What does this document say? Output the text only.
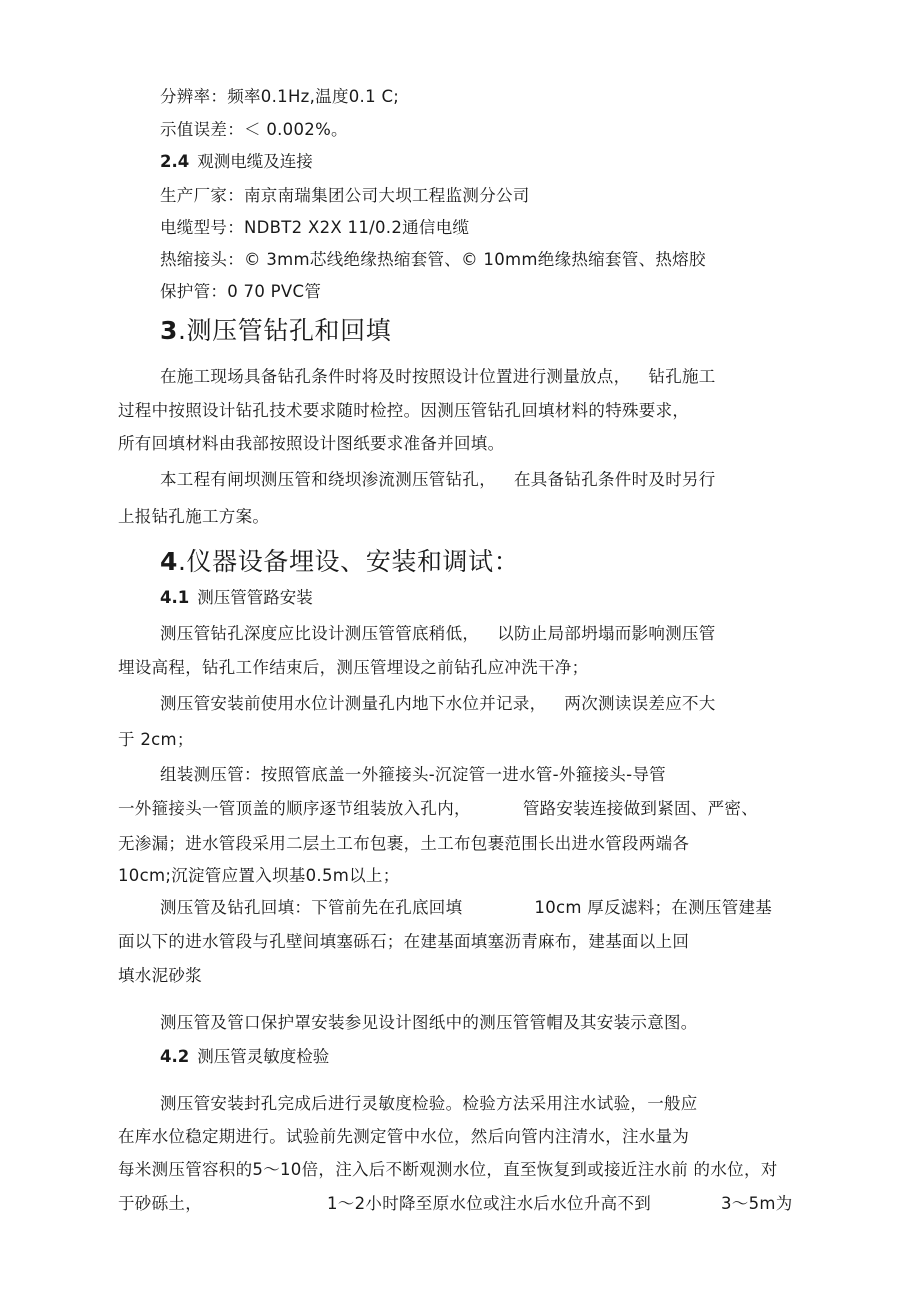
分辨率：频率0.1Hz,温度0.1 C;
示值误差：＜ 0.002%。
2.4 观测电缆及连接
生产厂家：南京南瑞集团公司大坝工程监测分公司
电缆型号：NDBT2 X2X 11/0.2通信电缆
热缩接头：© 3mm芯线绝缘热缩套管、© 10mm绝缘热缩套管、热熔胶
保护管：0 70 PVC管
3.测压管钻孔和回填
在施工现场具备钻孔条件时将及时按照设计位置进行测量放点， 钻孔施工
过程中按照设计钻孔技术要求随时检控。因测压管钻孔回填材料的特殊要求，
所有回填材料由我部按照设计图纸要求准备并回填。
本工程有闸坝测压管和绕坝渗流测压管钻孔， 在具备钻孔条件时及时另行
上报钻孔施工方案。
4.仪器设备埋设、安装和调试：
4.1 测压管管路安装
测压管钻孔深度应比设计测压管管底稍低， 以防止局部坍塌而影响测压管
埋设高程，钻孔工作结束后，测压管埋设之前钻孔应冲洗干净；
测压管安装前使用水位计测量孔内地下水位并记录， 两次测读误差应不大
于 2cm；
组装测压管：按照管底盖一外箍接头-沉淀管一进水管-外箍接头-导管
一外箍接头一管顶盖的顺序逐节组装放入孔内，	管路安装连接做到紧固、严密、
无渗漏；进水管段采用二层土工布包裹，土工布包裹范围长出进水管段两端各
10cm;沉淀管应置入坝基0.5m以上；
测压管及钻孔回填：下管前先在孔底回填	10cm 厚反滤料；在测压管建基
面以下的进水管段与孔壁间填塞砾石；在建基面填塞沥青麻布，建基面以上回
填水泥砂浆
测压管及管口保护罩安装参见设计图纸中的测压管管帽及其安装示意图。
4.2 测压管灵敏度检验
测压管安装封孔完成后进行灵敏度检验。检验方法采用注水试验，一般应
在库水位稳定期进行。试验前先测定管中水位，然后向管内注清水，注水量为
每米测压管容积的5～10倍，注入后不断观测水位，直至恢复到或接近注水前 的水位，对
于砂砾土，	1～2小时降至原水位或注水后水位升高不到	3～5m为
